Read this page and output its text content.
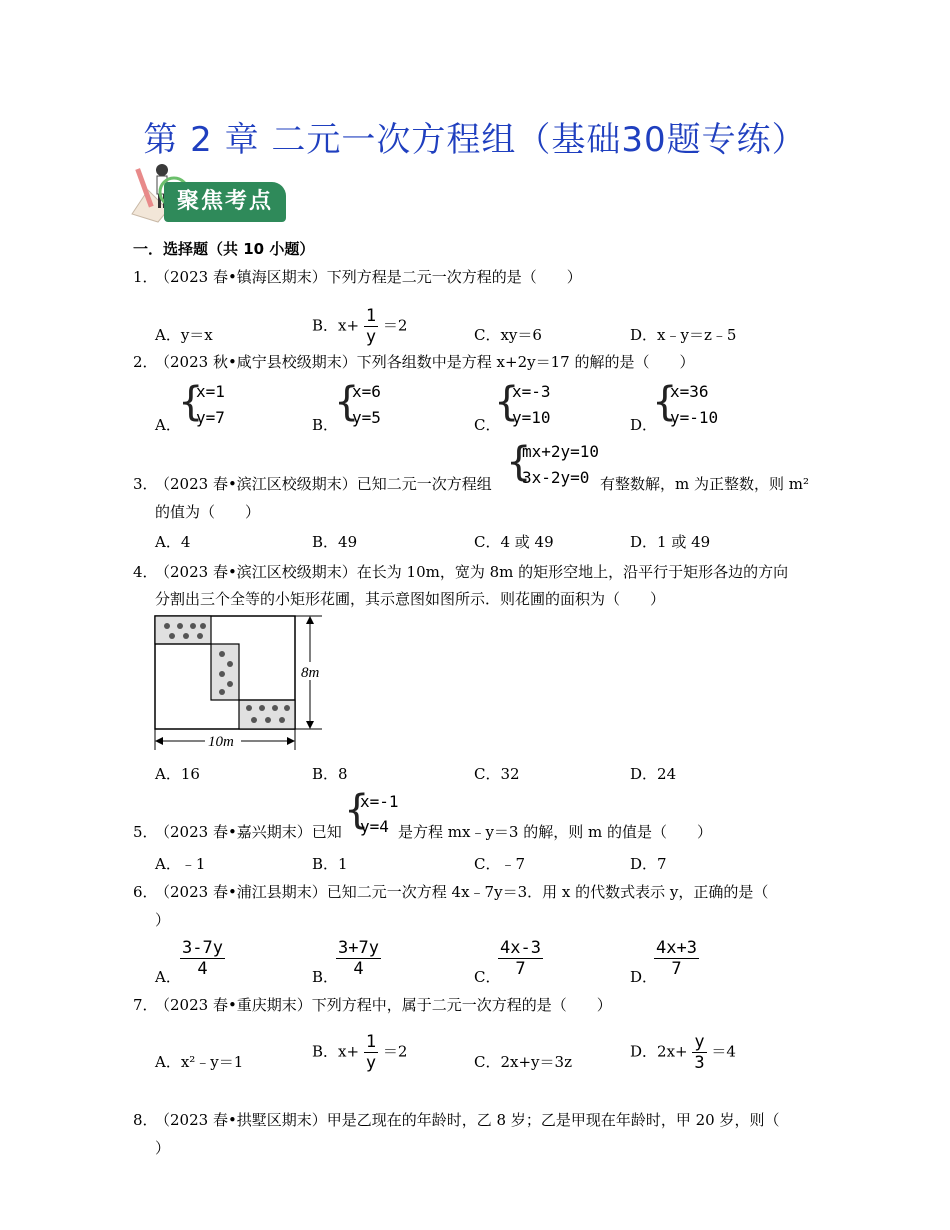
第 2 章 二元一次方程组（基础30题专练）
聚焦考点
一．选择题（共 10 小题）
1．
（2023 春•镇海区期末）下列方程是二元一次方程的是（　　）
A．y＝x
B．$x+ \frac{1}{y} =2$
C．xy＝6	D．x﹣y＝z﹣5
2．
（2023 秋•咸宁县校级期末）下列各组数中是方程 x+2y＝17 的解的是（　　）
A．
{
x=1
y=7	B．
{
x=6
y=5	C．
{
x=-3
y=10	D．
{
x=36
y=-10
3．
（2023 春•滨江区校级期末）已知二元一次方程组 {
mx+2y=10
3x-2y=0 有整数解，m 为正整数，则 m²
的值为（　　）
A．4	B．49	C．4 或 49	D．1 或 49
4．
（2023 春•滨江区校级期末）在长为 10m，宽为 8m 的矩形空地上，沿平行于矩形各边的方向
分割出三个全等的小矩形花圃，其示意图如图所示．则花圃的面积为（　　）
8m
10m
A．16	B．8	C．32	D．24
5．
（2023 春•嘉兴期末）已知 {
x=-1
y=4 是方程 mx﹣y＝3 的解，则 m 的值是（　　）
A．﹣1	B．1	C．﹣7	D．7
6．
（2023 春•浦江县期末）已知二元一次方程 4x﹣7y＝3．用 x 的代数式表示 y，正确的是（
）
A． $\frac{3-7y}{4}$	B．
$\frac{3+7y}{4}$	C．
$\frac{4x-3}{7}$	D．
$\frac{4x+3}{7}$
7．
（2023 春•重庆期末）下列方程中，属于二元一次方程的是（　　）
A．x²﹣y＝1
B．$x+ \frac{1}{y} =2$
C．2x+y＝3z
D．$2x+ \frac{y}{3} =4$
8．
（2023 春•拱墅区期末）甲是乙现在的年龄时，乙 8 岁；乙是甲现在年龄时，甲 20 岁，则（
）
